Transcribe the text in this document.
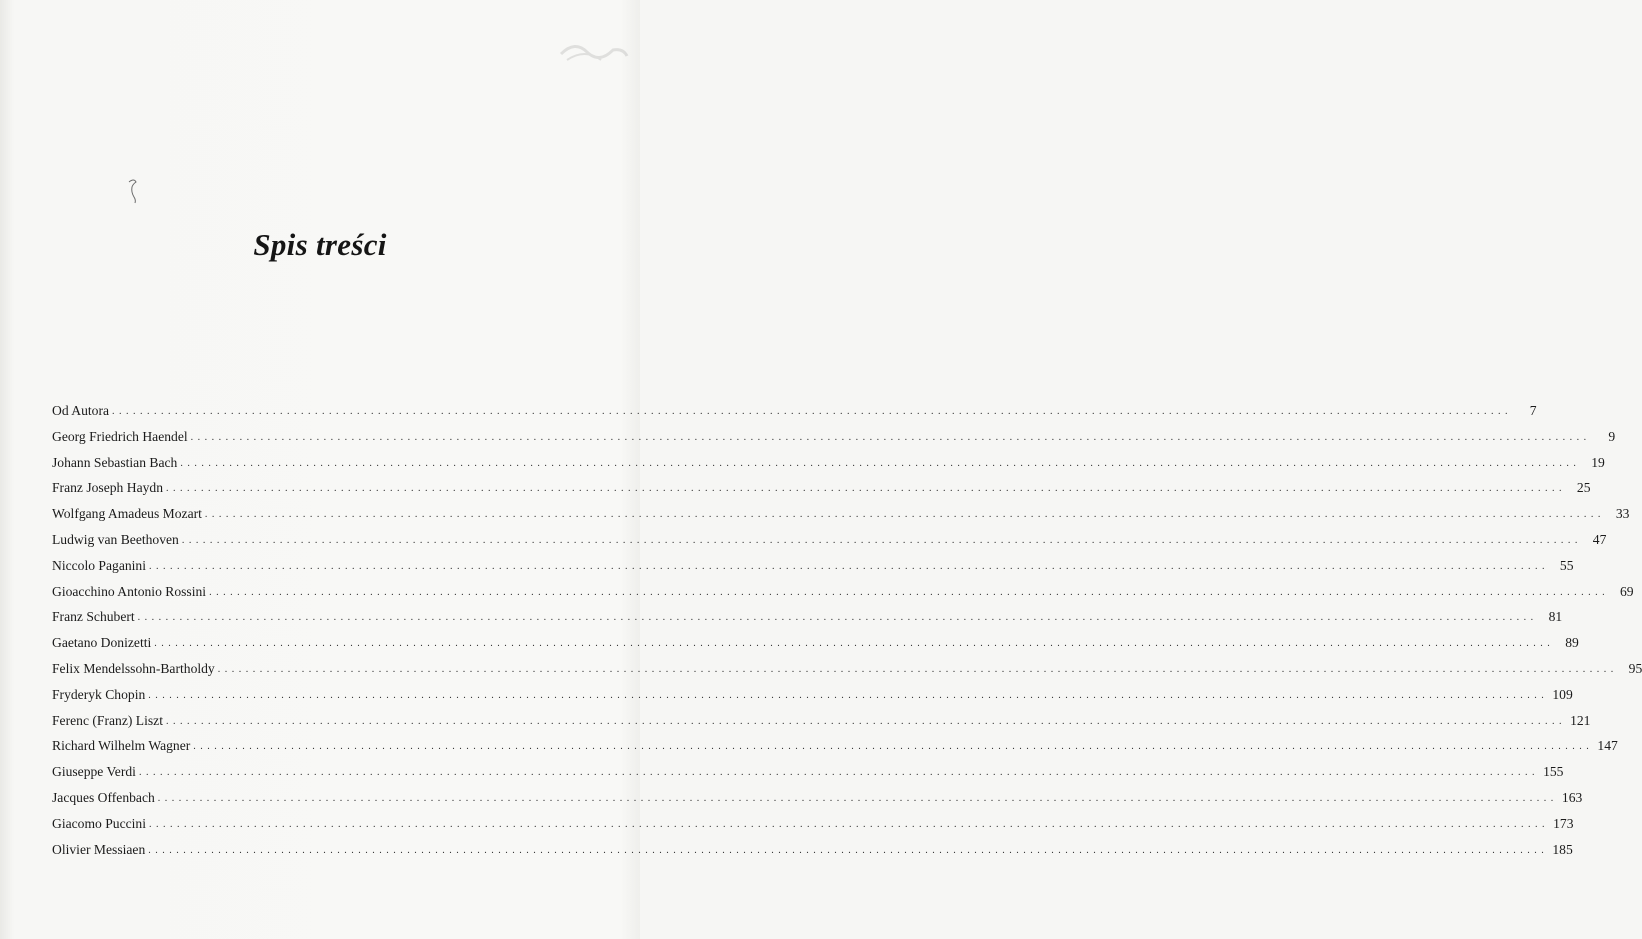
Spis treści
Od Autora . . . . . . . . . . . . . . . . . . . . . . . . . . . . . . . . . . . . . . . . . . . . . . . . . . . . . . . . . . . . . . . . . . . . . . . . . . . . . . . . . . . . . . . . . . . . . . . . . . . . . . . . . . . . . . . . . . . . . . . . . . . . . . . . . . . . . . . . . . . . . . . . . . . . . . . . . . . . . . . . . . . . . . . . . . . . . . . . . . . . . . . . . . . . . . . . . . . . . . . .	7
Georg Friedrich Haendel . . . . . . . . . . . . . . . . . . . . . . . . . . . . . . . . . . . . . . . . . . . . . . . . . . . . . . . . . . . . . . . . . . . . . . . . . . . . . . . . . . . . . . . . . . . . . . . . . . . . . . . . . . . . . . . . . . . . . . . . . . . . . . . . . . . . . . . . . . . . . . . . . . . . . . . . . . . . . . . . . . . . . . . . . . . . . . . . . . . . . . . . . . . . . . . . . . . . . . . .	9
Johann Sebastian Bach . . . . . . . . . . . . . . . . . . . . . . . . . . . . . . . . . . . . . . . . . . . . . . . . . . . . . . . . . . . . . . . . . . . . . . . . . . . . . . . . . . . . . . . . . . . . . . . . . . . . . . . . . . . . . . . . . . . . . . . . . . . . . . . . . . . . . . . . . . . . . . . . . . . . . . . . . . . . . . . . . . . . . . . . . . . . . . . . . . . . . . . . . . . . . . . . . . . . . . . .	19
Franz Joseph Haydn . . . . . . . . . . . . . . . . . . . . . . . . . . . . . . . . . . . . . . . . . . . . . . . . . . . . . . . . . . . . . . . . . . . . . . . . . . . . . . . . . . . . . . . . . . . . . . . . . . . . . . . . . . . . . . . . . . . . . . . . . . . . . . . . . . . . . . . . . . . . . . . . . . . . . . . . . . . . . . . . . . . . . . . . . . . . . . . . . . . . . . . . . . . . . . . . . . . . . . . .	25
Wolfgang Amadeus Mozart . . . . . . . . . . . . . . . . . . . . . . . . . . . . . . . . . . . . . . . . . . . . . . . . . . . . . . . . . . . . . . . . . . . . . . . . . . . . . . . . . . . . . . . . . . . . . . . . . . . . . . . . . . . . . . . . . . . . . . . . . . . . . . . . . . . . . . . . . . . . . . . . . . . . . . . . . . . . . . . . . . . . . . . . . . . . . . . . . . . . . . . . . . . . . . . . . . . . . . . .	33
Ludwig van Beethoven . . . . . . . . . . . . . . . . . . . . . . . . . . . . . . . . . . . . . . . . . . . . . . . . . . . . . . . . . . . . . . . . . . . . . . . . . . . . . . . . . . . . . . . . . . . . . . . . . . . . . . . . . . . . . . . . . . . . . . . . . . . . . . . . . . . . . . . . . . . . . . . . . . . . . . . . . . . . . . . . . . . . . . . . . . . . . . . . . . . . . . . . . . . . . . . . . . . . . . . .	47
Niccolo Paganini . . . . . . . . . . . . . . . . . . . . . . . . . . . . . . . . . . . . . . . . . . . . . . . . . . . . . . . . . . . . . . . . . . . . . . . . . . . . . . . . . . . . . . . . . . . . . . . . . . . . . . . . . . . . . . . . . . . . . . . . . . . . . . . . . . . . . . . . . . . . . . . . . . . . . . . . . . . . . . . . . . . . . . . . . . . . . . . . . . . . . . . . . . . . . . . . . . . . . . . .	55
Gioacchino Antonio Rossini . . . . . . . . . . . . . . . . . . . . . . . . . . . . . . . . . . . . . . . . . . . . . . . . . . . . . . . . . . . . . . . . . . . . . . . . . . . . . . . . . . . . . . . . . . . . . . . . . . . . . . . . . . . . . . . . . . . . . . . . . . . . . . . . . . . . . . . . . . . . . . . . . . . . . . . . . . . . . . . . . . . . . . . . . . . . . . . . . . . . . . . . . . . . . . . . . . . . . . . .	69
Franz Schubert . . . . . . . . . . . . . . . . . . . . . . . . . . . . . . . . . . . . . . . . . . . . . . . . . . . . . . . . . . . . . . . . . . . . . . . . . . . . . . . . . . . . . . . . . . . . . . . . . . . . . . . . . . . . . . . . . . . . . . . . . . . . . . . . . . . . . . . . . . . . . . . . . . . . . . . . . . . . . . . . . . . . . . . . . . . . . . . . . . . . . . . . . . . . . . . . . . . . . . . .	81
Gaetano Donizetti . . . . . . . . . . . . . . . . . . . . . . . . . . . . . . . . . . . . . . . . . . . . . . . . . . . . . . . . . . . . . . . . . . . . . . . . . . . . . . . . . . . . . . . . . . . . . . . . . . . . . . . . . . . . . . . . . . . . . . . . . . . . . . . . . . . . . . . . . . . . . . . . . . . . . . . . . . . . . . . . . . . . . . . . . . . . . . . . . . . . . . . . . . . . . . . . . . . . . . . .	89
Felix Mendelssohn-Bartholdy . . . . . . . . . . . . . . . . . . . . . . . . . . . . . . . . . . . . . . . . . . . . . . . . . . . . . . . . . . . . . . . . . . . . . . . . . . . . . . . . . . . . . . . . . . . . . . . . . . . . . . . . . . . . . . . . . . . . . . . . . . . . . . . . . . . . . . . . . . . . . . . . . . . . . . . . . . . . . . . . . . . . . . . . . . . . . . . . . . . . . . . . . . . . . . . . . . . . . . . .	95
Fryderyk Chopin . . . . . . . . . . . . . . . . . . . . . . . . . . . . . . . . . . . . . . . . . . . . . . . . . . . . . . . . . . . . . . . . . . . . . . . . . . . . . . . . . . . . . . . . . . . . . . . . . . . . . . . . . . . . . . . . . . . . . . . . . . . . . . . . . . . . . . . . . . . . . . . . . . . . . . . . . . . . . . . . . . . . . . . . . . . . . . . . . . . . . . . . . . . . . . . . . . . . . . . . 109
Ferenc (Franz) Liszt . . . . . . . . . . . . . . . . . . . . . . . . . . . . . . . . . . . . . . . . . . . . . . . . . . . . . . . . . . . . . . . . . . . . . . . . . . . . . . . . . . . . . . . . . . . . . . . . . . . . . . . . . . . . . . . . . . . . . . . . . . . . . . . . . . . . . . . . . . . . . . . . . . . . . . . . . . . . . . . . . . . . . . . . . . . . . . . . . . . . . . . . . . . . . . . . . . . . . . . . 121
Richard Wilhelm Wagner . . . . . . . . . . . . . . . . . . . . . . . . . . . . . . . . . . . . . . . . . . . . . . . . . . . . . . . . . . . . . . . . . . . . . . . . . . . . . . . . . . . . . . . . . . . . . . . . . . . . . . . . . . . . . . . . . . . . . . . . . . . . . . . . . . . . . . . . . . . . . . . . . . . . . . . . . . . . . . . . . . . . . . . . . . . . . . . . . . . . . . . . . . . . . . . . . . . . . . . . 147
Giuseppe Verdi . . . . . . . . . . . . . . . . . . . . . . . . . . . . . . . . . . . . . . . . . . . . . . . . . . . . . . . . . . . . . . . . . . . . . . . . . . . . . . . . . . . . . . . . . . . . . . . . . . . . . . . . . . . . . . . . . . . . . . . . . . . . . . . . . . . . . . . . . . . . . . . . . . . . . . . . . . . . . . . . . . . . . . . . . . . . . . . . . . . . . . . . . . . . . . . . . . . . . . . . 155
Jacques Offenbach . . . . . . . . . . . . . . . . . . . . . . . . . . . . . . . . . . . . . . . . . . . . . . . . . . . . . . . . . . . . . . . . . . . . . . . . . . . . . . . . . . . . . . . . . . . . . . . . . . . . . . . . . . . . . . . . . . . . . . . . . . . . . . . . . . . . . . . . . . . . . . . . . . . . . . . . . . . . . . . . . . . . . . . . . . . . . . . . . . . . . . . . . . . . . . . . . . . . . . . . 163
Giacomo Puccini . . . . . . . . . . . . . . . . . . . . . . . . . . . . . . . . . . . . . . . . . . . . . . . . . . . . . . . . . . . . . . . . . . . . . . . . . . . . . . . . . . . . . . . . . . . . . . . . . . . . . . . . . . . . . . . . . . . . . . . . . . . . . . . . . . . . . . . . . . . . . . . . . . . . . . . . . . . . . . . . . . . . . . . . . . . . . . . . . . . . . . . . . . . . . . . . . . . . . . . . 173
Olivier Messiaen . . . . . . . . . . . . . . . . . . . . . . . . . . . . . . . . . . . . . . . . . . . . . . . . . . . . . . . . . . . . . . . . . . . . . . . . . . . . . . . . . . . . . . . . . . . . . . . . . . . . . . . . . . . . . . . . . . . . . . . . . . . . . . . . . . . . . . . . . . . . . . . . . . . . . . . . . . . . . . . . . . . . . . . . . . . . . . . . . . . . . . . . . . . . . . . . . . . . . . . . 185
